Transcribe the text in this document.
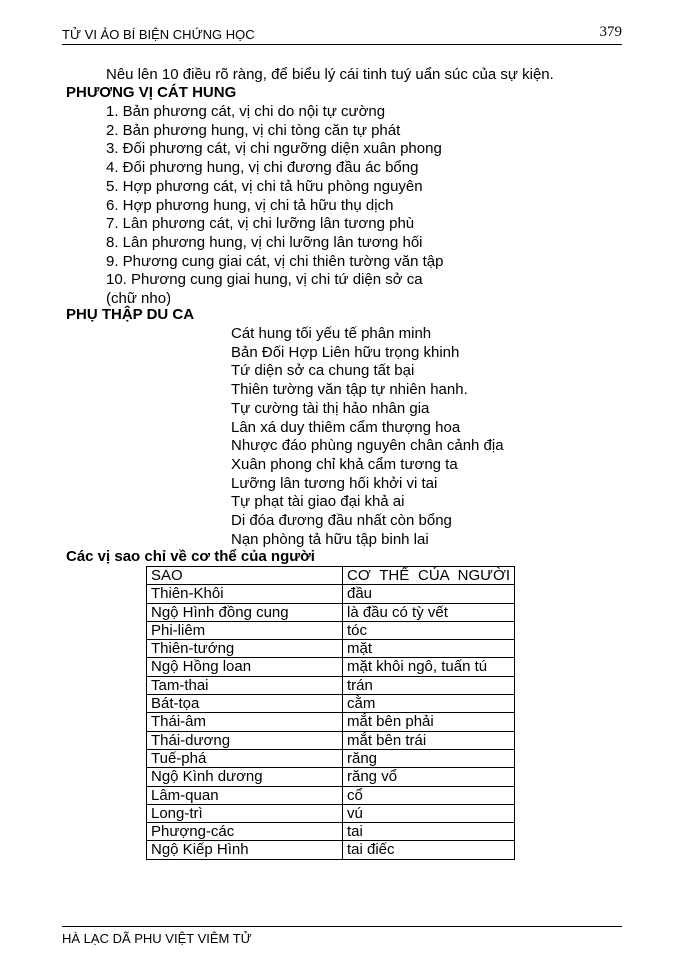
TỬ VI ẢO BÍ BIỆN CHỨNG HỌC	379
Nêu lên 10 điều rõ ràng, để biểu lý cái tinh tuý uẩn súc của sự kiện.
PHƯƠNG VỊ CÁT HUNG
1. Bản phương cát, vị chi do nội tự cường
2. Bản phương hung, vị chi tòng căn tự phát
3. Đối phương cát, vị chi ngưỡng diện xuân phong
4. Đối phương hung, vị chi đương đầu ác bổng
5. Hợp phương cát, vị chi tả hữu phòng nguyên
6. Hợp phương hung, vị chi tả hữu thụ dịch
7. Lân phương cát, vị chi lưỡng lân tương phù
8. Lân phương hung, vị chi lưỡng lân tương hối
9. Phương cung giai cát, vị chi thiên tường văn tập
10. Phương cung giai hung, vị chi tứ diện sở ca
(chữ nho)
PHỤ THẬP DU CA
Cát hung tối yếu tế phân minh
Bản Đối Hợp Liên hữu trọng khinh
Tứ diện sở ca chung tất bại
Thiên tường văn tập tự nhiên hanh.
Tự cường tài thị hảo nhân gia
Lân xá duy thiêm cẩm thượng hoa
Nhược đáo phùng nguyên chân cảnh địa
Xuân phong chỉ khả cẩm tương ta
Lưỡng lân tương hối khởi vi tai
Tự phạt tài giao đại khả ai
Di đóa đương đầu nhất còn bổng
Nạn phòng tả hữu tập binh lai
Các vị sao chỉ về cơ thể của người
SAO	CƠ THỂ CỦA NGƯỜI
Thiên-Khôi	đầu
Ngộ Hình đồng cung	là đầu có tỳ vết
Phi-liêm	tóc
Thiên-tướng	mặt
Ngộ Hồng loan	mặt khôi ngô, tuấn tú
Tam-thai	trán
Bát-tọa	cằm
Thái-âm	mắt bên phải
Thái-dương	mắt bên trái
Tuế-phá	răng
Ngộ Kình dương	răng vổ
Lâm-quan	cổ
Long-trì	vú
Phượng-các	tai
Ngộ Kiếp Hình	tai điếc
HÀ LẠC DÃ PHU VIỆT VIÊM TỬ
